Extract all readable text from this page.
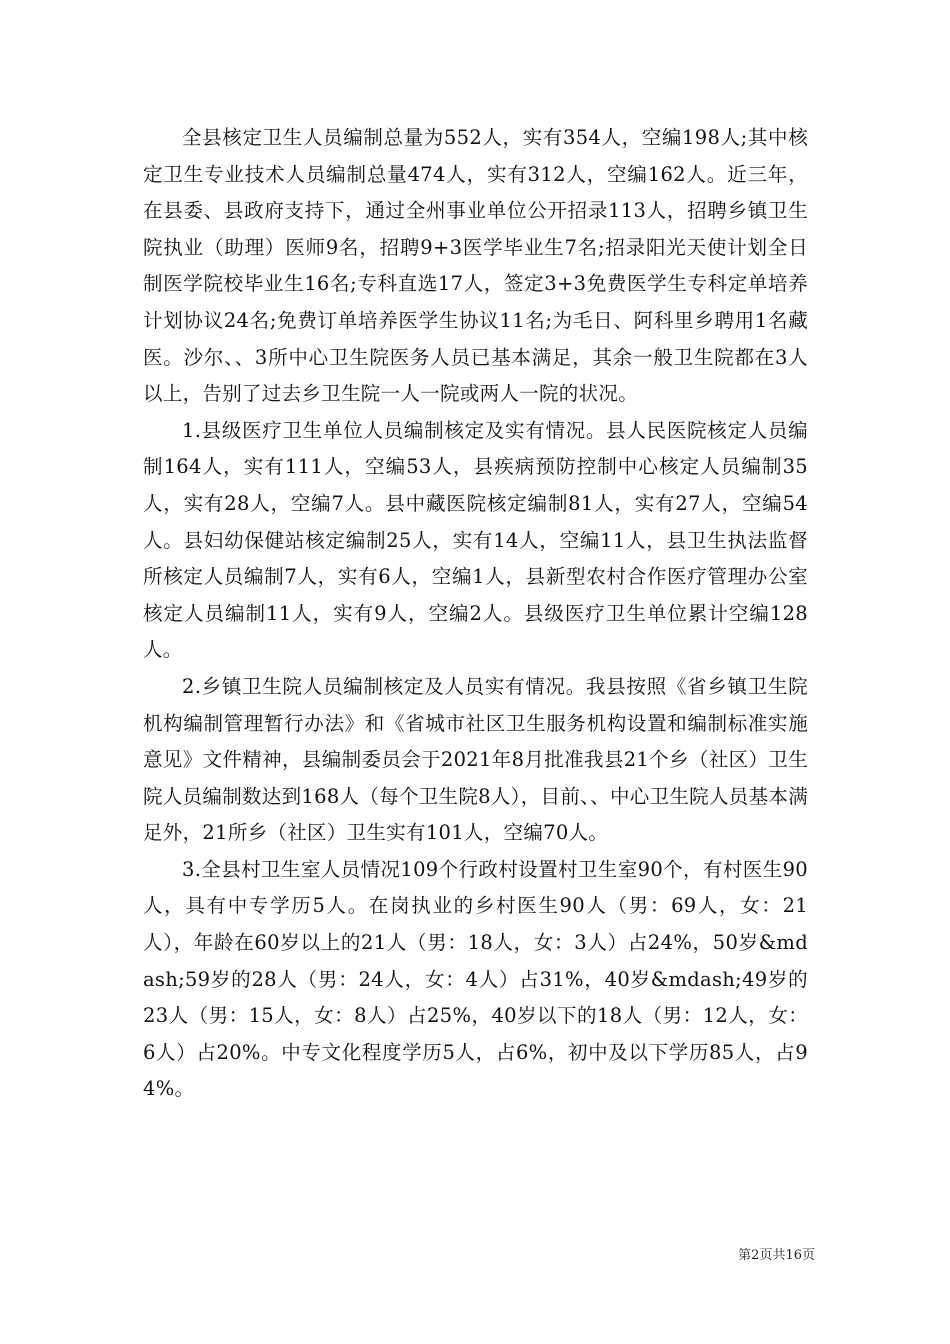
全县核定卫生人员编制总量为552人，实有354人，空编198人;其中核定卫生专业技术人员编制总量474人，实有312人，空编162人。近三年，在县委、县政府支持下，通过全州事业单位公开招录113人，招聘乡镇卫生院执业（助理）医师9名，招聘9+3医学毕业生7名;招录阳光天使计划全日制医学院校毕业生16名;专科直选17人，签定3+3免费医学生专科定单培养计划协议24名;免费订单培养医学生协议11名;为毛日、阿科里乡聘用1名藏医。沙尔、、3所中心卫生院医务人员已基本满足，其余一般卫生院都在3人以上，告别了过去乡卫生院一人一院或两人一院的状况。

1.县级医疗卫生单位人员编制核定及实有情况。县人民医院核定人员编制164人，实有111人，空编53人，县疾病预防控制中心核定人员编制35人，实有28人，空编7人。县中藏医院核定编制81人，实有27人，空编54人。县妇幼保健站核定编制25人，实有14人，空编11人，县卫生执法监督所核定人员编制7人，实有6人，空编1人，县新型农村合作医疗管理办公室核定人员编制11人，实有9人，空编2人。县级医疗卫生单位累计空编128人。

2.乡镇卫生院人员编制核定及人员实有情况。我县按照《省乡镇卫生院机构编制管理暂行办法》和《省城市社区卫生服务机构设置和编制标准实施意见》文件精神，县编制委员会于2021年8月批准我县21个乡（社区）卫生院人员编制数达到168人（每个卫生院8人），目前、、中心卫生院人员基本满足外，21所乡（社区）卫生实有101人，空编70人。

3.全县村卫生室人员情况109个行政村设置村卫生室90个，有村医生90人，具有中专学历5人。在岗执业的乡村医生90人（男：69人，女：21人），年龄在60岁以上的21人（男：18人，女：3人）占24%，50岁&mdash;59岁的28人（男：24人，女：4人）占31%，40岁&mdash;49岁的23人（男：15人，女：8人）占25%，40岁以下的18人（男：12人，女：6人）占20%。中专文化程度学历5人，占6%，初中及以下学历85人，占94%。

第2页共16页
